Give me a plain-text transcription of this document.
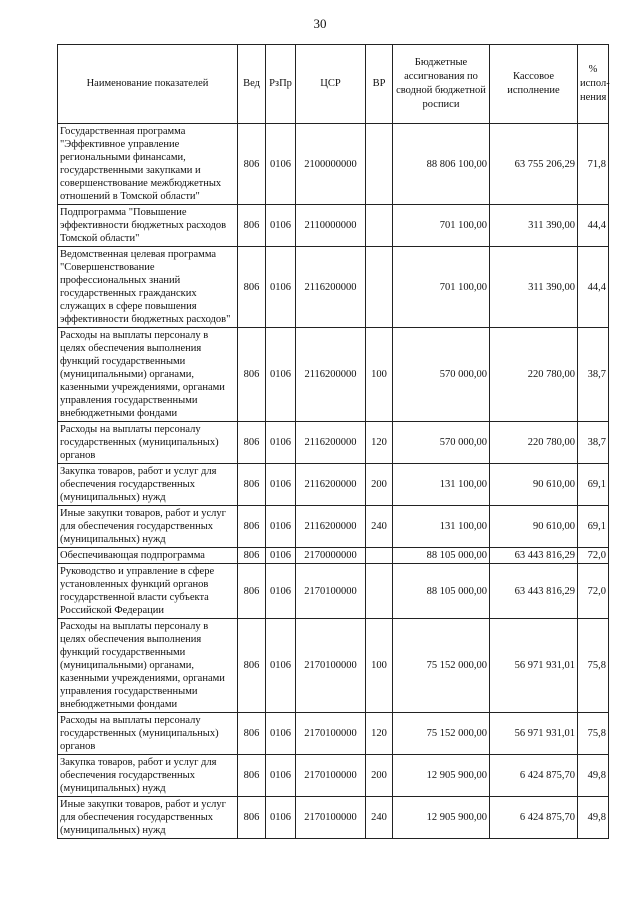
30
Наименование показателей	Вед	РзПр	ЦСР	ВР	Бюджетные ассигнования по сводной бюджетной росписи	Кассовое исполнение	% испол-нения
Государственная программа "Эффективное управление региональными финансами, государственными закупками и совершенствование межбюджетных отношений в Томской области"	806	0106	2100000000		88 806 100,00	63 755 206,29	71,8
Подпрограмма "Повышение эффективности бюджетных расходов Томской области"	806	0106	2110000000		701 100,00	311 390,00	44,4
Ведомственная целевая программа "Совершенствование профессиональных знаний государственных гражданских служащих в сфере повышения эффективности бюджетных расходов"	806	0106	2116200000		701 100,00	311 390,00	44,4
Расходы на выплаты персоналу в целях обеспечения выполнения функций государственными (муниципальными) органами, казенными учреждениями, органами управления государственными внебюджетными фондами	806	0106	2116200000	100	570 000,00	220 780,00	38,7
Расходы на выплаты персоналу государственных (муниципальных) органов	806	0106	2116200000	120	570 000,00	220 780,00	38,7
Закупка товаров, работ и услуг для обеспечения государственных (муниципальных) нужд	806	0106	2116200000	200	131 100,00	90 610,00	69,1
Иные закупки товаров, работ и услуг для обеспечения государственных (муниципальных) нужд	806	0106	2116200000	240	131 100,00	90 610,00	69,1
Обеспечивающая подпрограмма	806	0106	2170000000		88 105 000,00	63 443 816,29	72,0
Руководство и управление в сфере установленных функций органов государственной власти субъекта Российской Федерации	806	0106	2170100000		88 105 000,00	63 443 816,29	72,0
Расходы на выплаты персоналу в целях обеспечения выполнения функций государственными (муниципальными) органами, казенными учреждениями, органами управления государственными внебюджетными фондами	806	0106	2170100000	100	75 152 000,00	56 971 931,01	75,8
Расходы на выплаты персоналу государственных (муниципальных) органов	806	0106	2170100000	120	75 152 000,00	56 971 931,01	75,8
Закупка товаров, работ и услуг для обеспечения государственных (муниципальных) нужд	806	0106	2170100000	200	12 905 900,00	6 424 875,70	49,8
Иные закупки товаров, работ и услуг для обеспечения государственных (муниципальных) нужд	806	0106	2170100000	240	12 905 900,00	6 424 875,70	49,8
